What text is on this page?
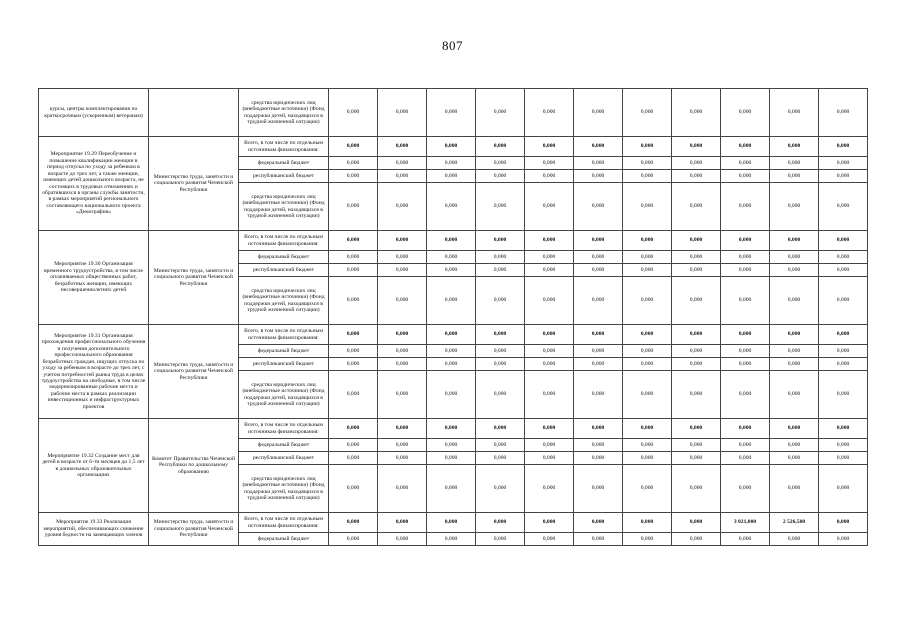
807
курсы, центры комплектирования по краткосрочным (ускоренным) ветеранам)		средства юридических лиц (внебюджетные источники) (Фонд поддержки детей, находящихся в трудной жизненной ситуации)	0,000	0,000	0,000	0,000	0,000	0,000	0,000	0,000	0,000	0,000	0,000
Мероприятие 19.29 Переобучение и повышение квалификации женщин в период отпуска по уходу за ребенком в возрасте до трех лет, а также женщин, имеющих детей дошкольного возраста, не состоящих в трудовых отношениях и обратившихся в органы службы занятости, в рамках мероприятий регионального составляющего национального проекта «Демография»	Министерство труда, занятости и социального развития Чеченской Республики	Всего, в том числе по отдельным источникам финансирования:	0,000	0,000	0,000	0,000	0,000	0,000	0,000	0,000	0,000	0,000	0,000
		федеральный бюджет	0,000	0,000	0,000	0,000	0,000	0,000	0,000	0,000	0,000	0,000	0,000
		республиканский бюджет	0,000	0,000	0,000	0,000	0,000	0,000	0,000	0,000	0,000	0,000	0,000
		средства юридических лиц (внебюджетные источники) (Фонд поддержки детей, находящихся в трудной жизненной ситуации)	0,000	0,000	0,000	0,000	0,000	0,000	0,000	0,000	0,000	0,000	0,000
Мероприятие 19.30 Организация временного трудоустройства, в том числе оплачиваемых общественных работ, безработных женщин, имеющих несовершеннолетних детей	Министерство труда, занятости и социального развития Чеченской Республики	Всего, в том числе по отдельным источникам финансирования:	0,000	0,000	0,000	0,000	0,000	0,000	0,000	0,000	0,000	0,000	0,000
		федеральный бюджет	0,000	0,000	0,000	0,000	0,000	0,000	0,000	0,000	0,000	0,000	0,000
		республиканский бюджет	0,000	0,000	0,000	0,000	0,000	0,000	0,000	0,000	0,000	0,000	0,000
		средства юридических лиц (внебюджетные источники) (Фонд поддержки детей, находящихся в трудной жизненной ситуации)	0,000	0,000	0,000	0,000	0,000	0,000	0,000	0,000	0,000	0,000	0,000
Мероприятие 19.31 Организация прохождения профессионального обучения и получения дополнительного профессионального образования безработных граждан, ищущих отпуска по уходу за ребенком в возрасте до трех лет, с учетом потребностей рынка труда в целях трудоустройства на свободные, в том числе модернизированные рабочие места и рабочие места в рамках реализации инвестиционных и инфраструктурных проектов	Министерство труда, занятости и социального развития Чеченской Республики	Всего, в том числе по отдельным источникам финансирования:	0,000	0,000	0,000	0,000	0,000	0,000	0,000	0,000	0,000	0,000	0,000
		федеральный бюджет	0,000	0,000	0,000	0,000	0,000	0,000	0,000	0,000	0,000	0,000	0,000
		республиканский бюджет	0,000	0,000	0,000	0,000	0,000	0,000	0,000	0,000	0,000	0,000	0,000
		средства юридических лиц (внебюджетные источники) (Фонд поддержки детей, находящихся в трудной жизненной ситуации)	0,000	0,000	0,000	0,000	0,000	0,000	0,000	0,000	0,000	0,000	0,000
Мероприятие 19.32 Создание мест для детей в возрасте от 6-ти месяцев до 1,5 лет в дошкольных образовательных организациях	Комитет Правительства Чеченской Республики по дошкольному образованию	Всего, в том числе по отдельным источникам финансирования:	0,000	0,000	0,000	0,000	0,000	0,000	0,000	0,000	0,000	0,000	0,000
		федеральный бюджет	0,000	0,000	0,000	0,000	0,000	0,000	0,000	0,000	0,000	0,000	0,000
		республиканский бюджет	0,000	0,000	0,000	0,000	0,000	0,000	0,000	0,000	0,000	0,000	0,000
		средства юридических лиц (внебюджетные источники) (Фонд поддержки детей, находящихся в трудной жизненной ситуации)	0,000	0,000	0,000	0,000	0,000	0,000	0,000	0,000	0,000	0,000	0,000
Мероприятие 19.33 Реализация мероприятий, обеспечивающих снижение уровня бедности на замещающих членов	Министерство труда, занятости и социального развития Чеченской Республики	Всего, в том числе по отдельным источникам финансирования:	0,000	0,000	0,000	0,000	0,000	0,000	0,000	0,000	3 021,000	2 526,500	0,000
		федеральный бюджет	0,000	0,000	0,000	0,000	0,000	0,000	0,000	0,000	0,000	0,000	0,000
